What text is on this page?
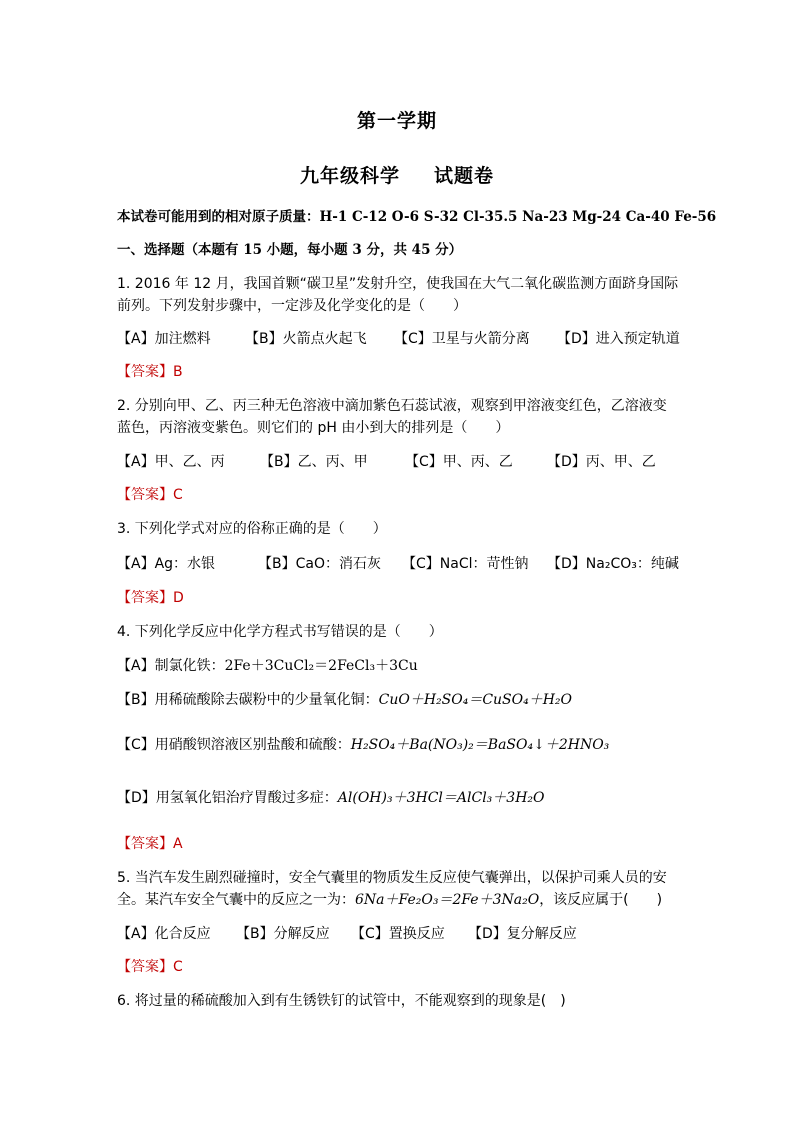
第一学期
九年级科学 试题卷
本试卷可能用到的相对原子质量：H-1 C-12 O-6 S-32 Cl-35.5 Na-23 Mg-24 Ca-40 Fe-56
一、选择题（本题有 15 小题，每小题 3 分，共 45 分）
1. 2016 年 12 月，我国首颗“碳卫星”发射升空，使我国在大气二氧化碳监测方面跻身国际
前列。下列发射步骤中，一定涉及化学变化的是（　　）
【A】加注燃料 【B】火箭点火起飞 【C】卫星与火箭分离 【D】进入预定轨道
【答案】B
2. 分别向甲、乙、丙三种无色溶液中滴加紫色石蕊试液，观察到甲溶液变红色，乙溶液变
蓝色，丙溶液变紫色。则它们的 pH 由小到大的排列是（　　）
【A】甲、乙、丙	【B】乙、丙、甲	【C】甲、丙、乙 【D】丙、甲、乙
【答案】C
3. 下列化学式对应的俗称正确的是（　　）
【A】Ag：水银	【B】CaO：消石灰 【C】NaCl：苛性钠 【D】Na₂CO₃：纯碱
【答案】D
4. 下列化学反应中化学方程式书写错误的是（　　）
【A】制氯化铁：2Fe＋3CuCl₂＝2FeCl₃＋3Cu
【B】用稀硫酸除去碳粉中的少量氧化铜：CuO＋H₂SO₄＝CuSO₄＋H₂O
【C】用硝酸钡溶液区别盐酸和硫酸：H₂SO₄＋Ba(NO₃)₂＝BaSO₄↓＋2HNO₃
【D】用氢氧化铝治疗胃酸过多症：Al(OH)₃＋3HCl＝AlCl₃＋3H₂O
【答案】A
5. 当汽车发生剧烈碰撞时，安全气囊里的物质发生反应使气囊弹出，以保护司乘人员的安
全。某汽车安全气囊中的反应之一为：6Na＋Fe₂O₃＝2Fe＋3Na₂O，该反应属于(　　)
【A】化合反应 【B】分解反应 【C】置换反应 【D】复分解反应
【答案】C
6. 将过量的稀硫酸加入到有生锈铁钉的试管中，不能观察到的现象是(　)
